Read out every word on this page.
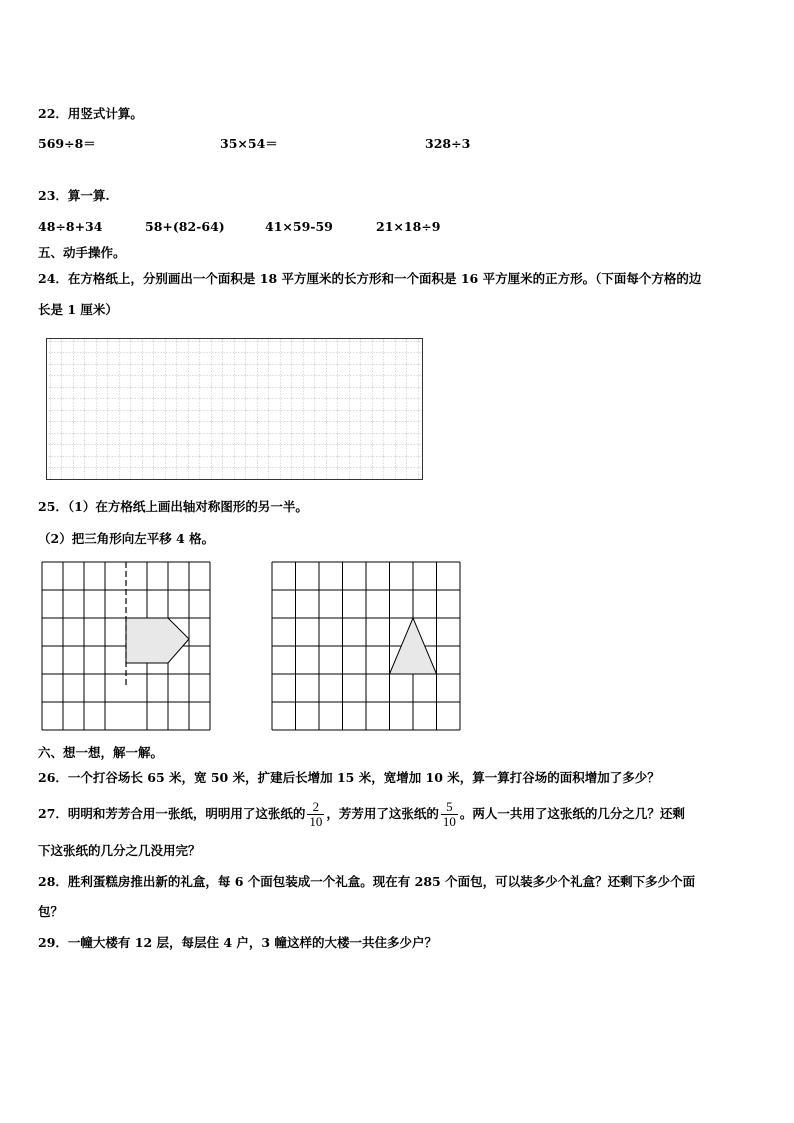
22．用竖式计算。
569÷8＝	35×54＝	328÷3
23．算一算.
48÷8+34	58+(82-64)	41×59-59	21×18÷9
五、动手操作。
24．在方格纸上，分别画出一个面积是 18 平方厘米的长方形和一个面积是 16 平方厘米的正方形。（下面每个方格的边
长是 1 厘米）
25．（1）在方格纸上画出轴对称图形的另一半。
（2）把三角形向左平移 4 格。
六、想一想，解一解。
26．一个打谷场长 65 米，宽 50 米，扩建后长增加 15 米，宽增加 10 米，算一算打谷场的面积增加了多少？
27．明明和芳芳合用一张纸，明明用了这张纸的 $\frac{2}{10}$ ，芳芳用了这张纸的 $\frac{5}{10}$ 。两人一共用了这张纸的几分之几？还剩
下这张纸的几分之几没用完？
28．胜利蛋糕房推出新的礼盒，每 6 个面包装成一个礼盒。现在有 285 个面包，可以装多少个礼盒？还剩下多少个面
包？
29．一幢大楼有 12 层，每层住 4 户，3 幢这样的大楼一共住多少户？
